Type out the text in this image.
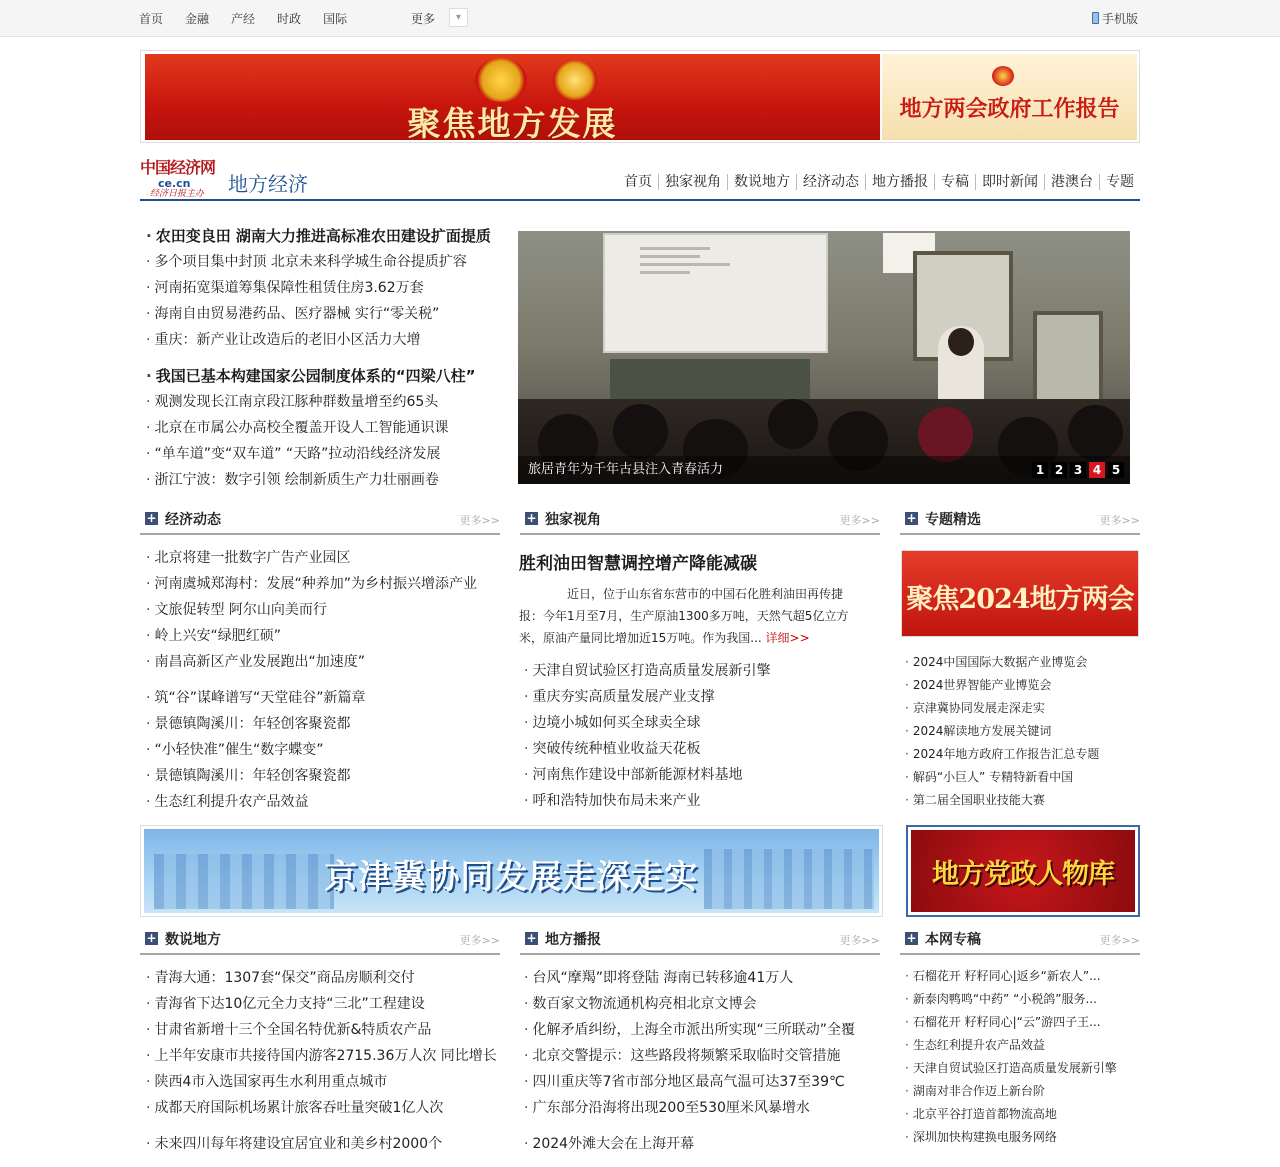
首页 金融 产经 时政 国际	更多	▾	手机版
聚焦地方发展	地方两会政府工作报告
中国经济网
ce.cn
经济日报主办	地方经济	首页 独家视角 数说地方 经济动态 地方播报 专稿 即时新闻 港澳台 专题
· 农田变良田 湖南大力推进高标准农田建设扩面提质
· 多个项目集中封顶 北京未来科学城生命谷提质扩容
· 河南拓宽渠道筹集保障性租赁住房3.62万套
· 海南自由贸易港药品、医疗器械 实行“零关税”
· 重庆：新产业让改造后的老旧小区活力大增
· 我国已基本构建国家公园制度体系的“四梁八柱”
· 观测发现长江南京段江豚种群数量增至约65头
· 北京在市属公办高校全覆盖开设人工智能通识课
· “单车道”变“双车道” “天路”拉动沿线经济发展
· 浙江宁波：数字引领 绘制新质生产力壮丽画卷
旅居青年为千年古县注入青春活力	1 2 3 4 5
+ 经济动态	更多>>
· 北京将建一批数字广告产业园区
· 河南虞城郑海村：发展“种养加”为乡村振兴增添产业
· 文旅促转型 阿尔山向美而行
· 岭上兴安“绿肥红硕”
· 南昌高新区产业发展跑出“加速度”
· 筑“谷”谋峰谱写“天堂硅谷”新篇章
· 景德镇陶溪川：年轻创客聚瓷都
· “小轻快准”催生“数字蝶变”
· 景德镇陶溪川：年轻创客聚瓷都
· 生态红利提升农产品效益
+ 独家视角	更多>>
胜利油田智慧调控增产降能减碳
近日，位于山东省东营市的中国石化胜利油田再传捷报：今年1月至7月，生产原油1300多万吨，天然气超5亿立方米，原油产量同比增加近15万吨。作为我国... 详细>>
· 天津自贸试验区打造高质量发展新引擎
· 重庆夯实高质量发展产业支撑
· 边境小城如何买全球卖全球
· 突破传统种植业收益天花板
· 河南焦作建设中部新能源材料基地
· 呼和浩特加快布局未来产业
+ 专题精选	更多>>
聚焦2024地方两会
· 2024中国国际大数据产业博览会
· 2024世界智能产业博览会
· 京津冀协同发展走深走实
· 2024解读地方发展关键词
· 2024年地方政府工作报告汇总专题
· 解码“小巨人” 专精特新看中国
· 第二届全国职业技能大赛
京津冀协同发展走深走实	地方党政人物库
+ 数说地方	更多>>
· 青海大通：1307套“保交”商品房顺利交付
· 青海省下达10亿元全力支持“三北”工程建设
· 甘肃省新增十三个全国名特优新&特质农产品
· 上半年安康市共接待国内游客2715.36万人次 同比增长
· 陕西4市入选国家再生水利用重点城市
· 成都天府国际机场累计旅客吞吐量突破1亿人次
· 未来四川每年将建设宜居宜业和美乡村2000个
+ 地方播报	更多>>
· 台风“摩羯”即将登陆 海南已转移逾41万人
· 数百家文物流通机构亮相北京文博会
· 化解矛盾纠纷，上海全市派出所实现“三所联动”全覆
· 北京交警提示：这些路段将频繁采取临时交管措施
· 四川重庆等7省市部分地区最高气温可达37至39℃
· 广东部分沿海将出现200至530厘米风暴增水
· 2024外滩大会在上海开幕
+ 本网专稿	更多>>
· 石榴花开 籽籽同心|返乡“新农人”...
· 新泰肉鸭鸣“中药” “小税鸽”服务...
· 石榴花开 籽籽同心|“云”游四子王...
· 生态红利提升农产品效益
· 天津自贸试验区打造高质量发展新引擎
· 湖南对非合作迈上新台阶
· 北京平谷打造首都物流高地
· 深圳加快构建换电服务网络
